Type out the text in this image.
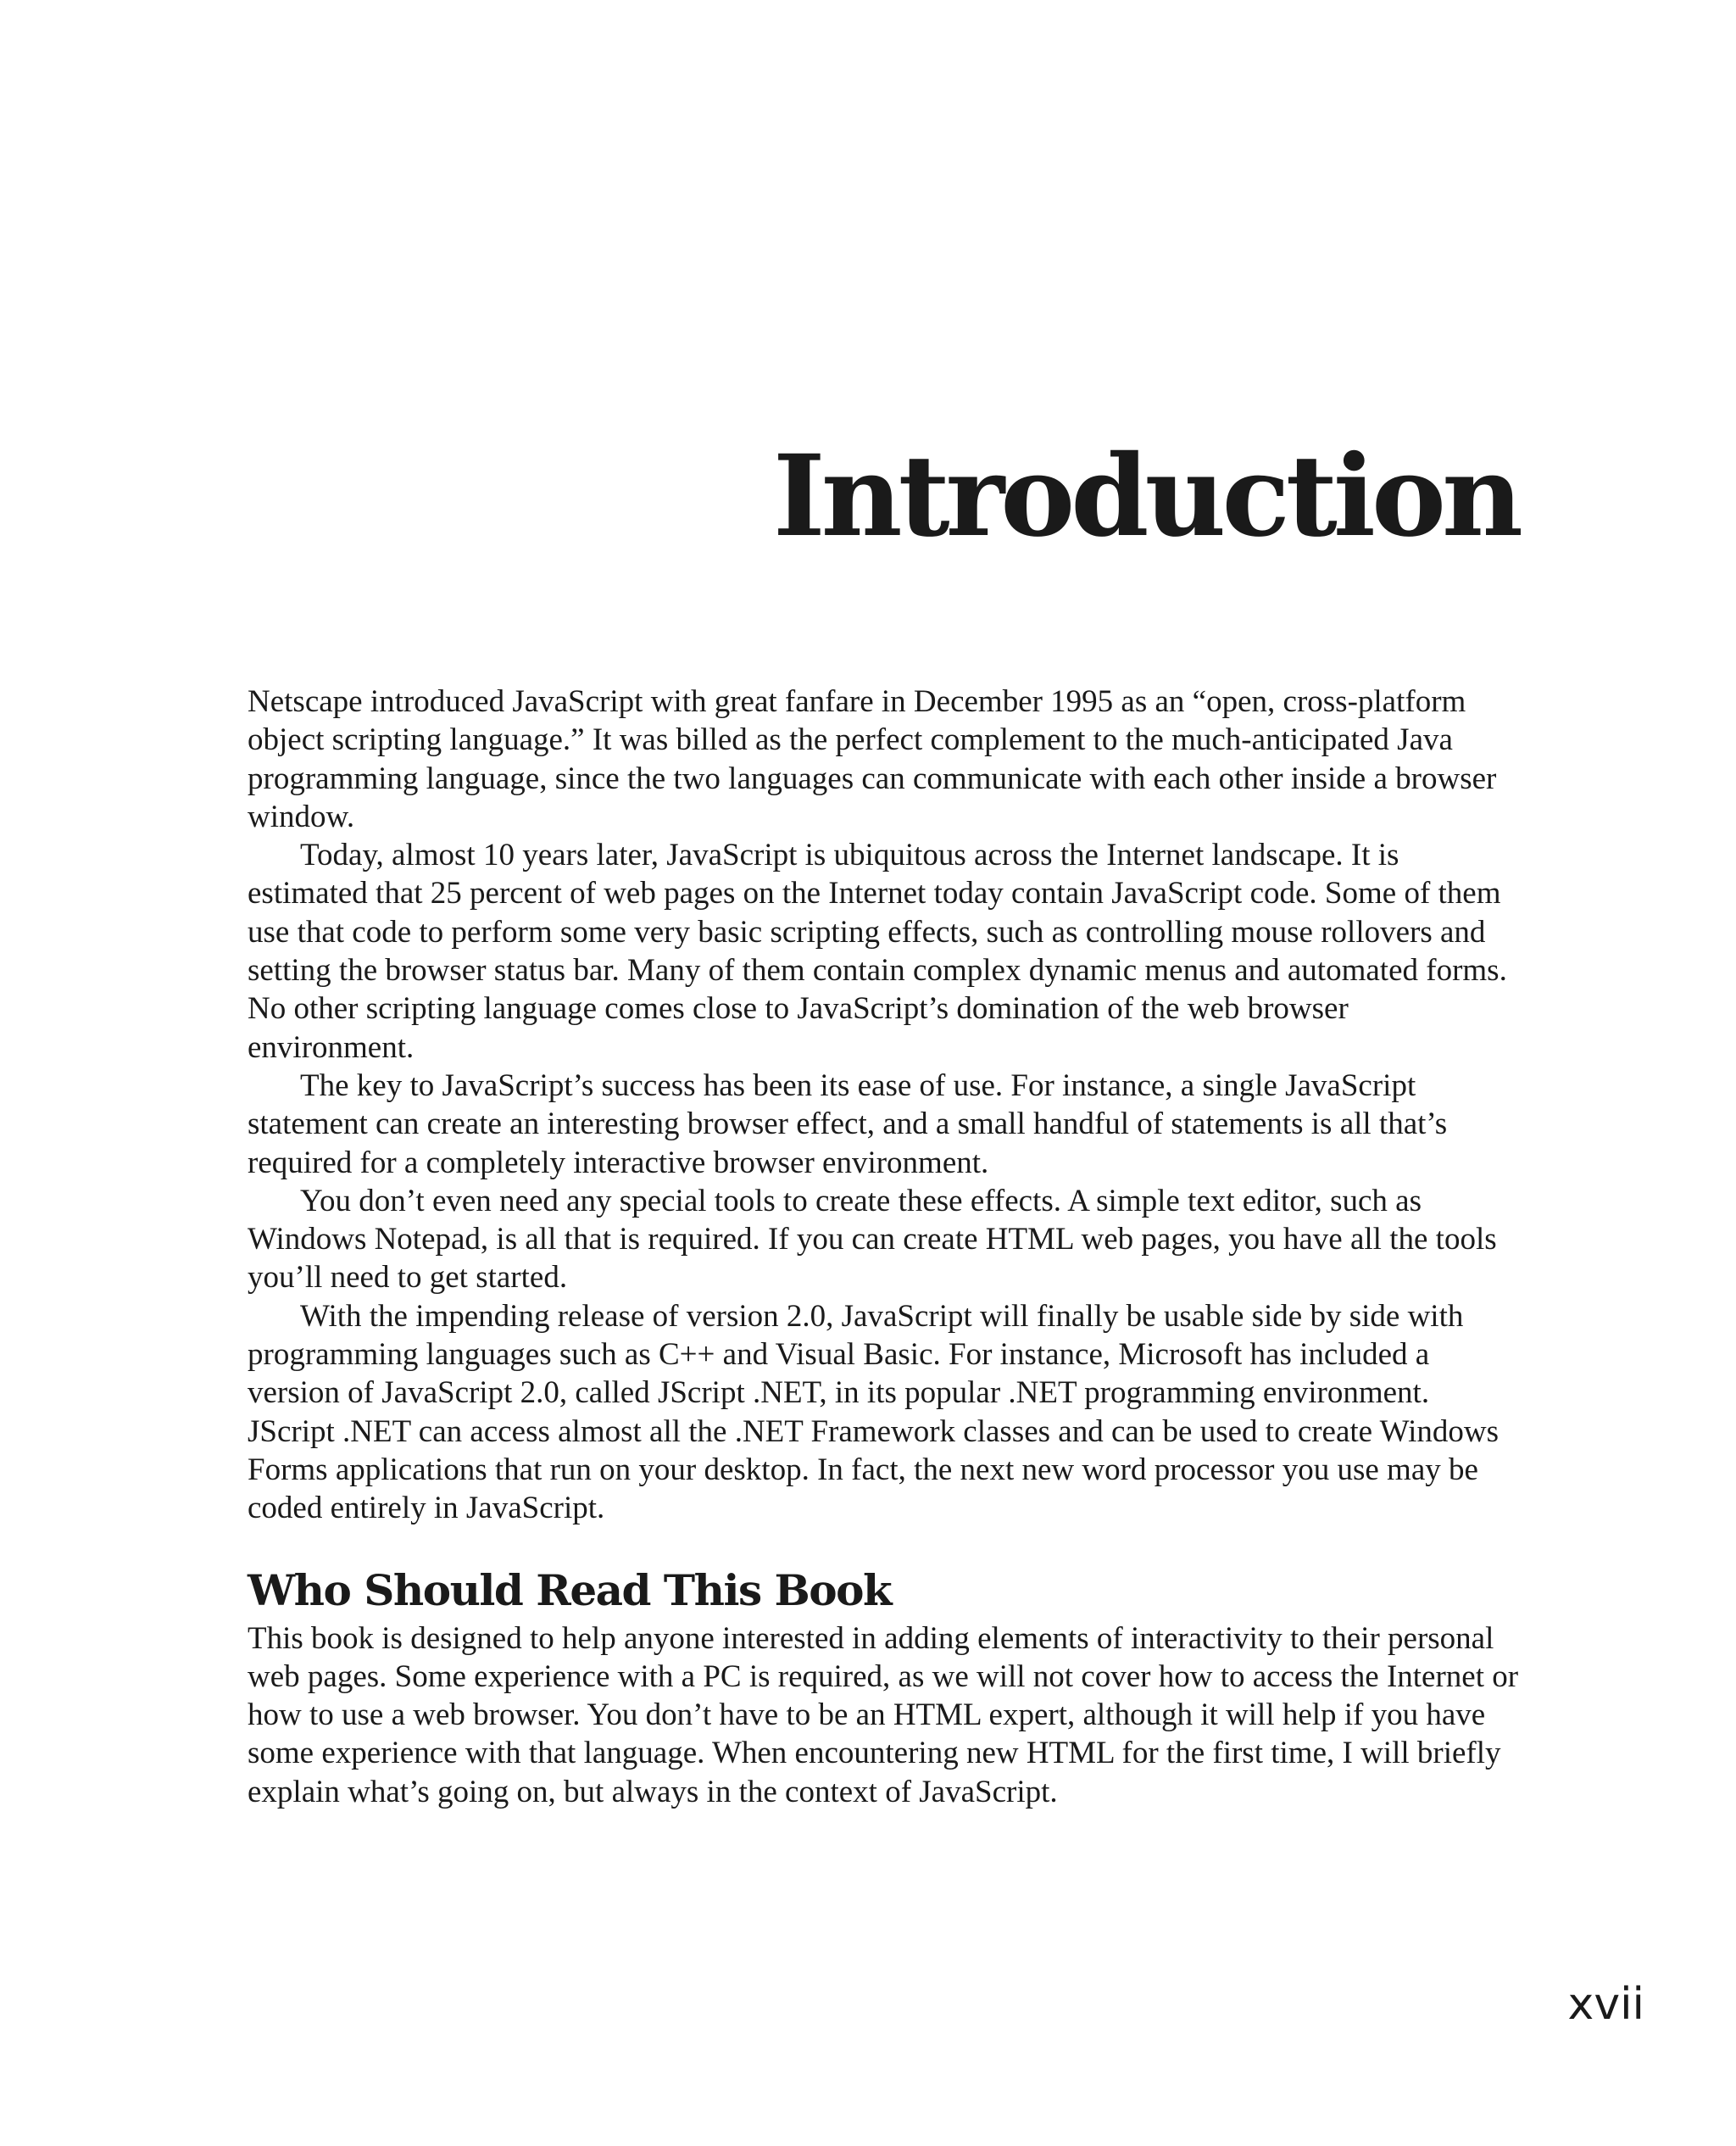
Introduction

Netscape introduced JavaScript with great fanfare in December 1995 as an “open, cross-platform object scripting language.” It was billed as the perfect complement to the much-anticipated Java programming language, since the two languages can communicate with each other inside a browser window.

Today, almost 10 years later, JavaScript is ubiquitous across the Internet landscape. It is estimated that 25 percent of web pages on the Internet today contain JavaScript code. Some of them use that code to perform some very basic scripting effects, such as controlling mouse rollovers and setting the browser status bar. Many of them contain complex dynamic menus and automated forms. No other scripting language comes close to JavaScript’s domination of the web browser environment.

The key to JavaScript’s success has been its ease of use. For instance, a single JavaScript statement can create an interesting browser effect, and a small handful of statements is all that’s required for a completely interactive browser environment.

You don’t even need any special tools to create these effects. A simple text editor, such as Windows Notepad, is all that is required. If you can create HTML web pages, you have all the tools you’ll need to get started.

With the impending release of version 2.0, JavaScript will finally be usable side by side with programming languages such as C++ and Visual Basic. For instance, Microsoft has included a version of JavaScript 2.0, called JScript .NET, in its popular .NET programming environment. JScript .NET can access almost all the .NET Framework classes and can be used to create Windows Forms applications that run on your desktop. In fact, the next new word processor you use may be coded entirely in JavaScript.

Who Should Read This Book

This book is designed to help anyone interested in adding elements of interactivity to their personal web pages. Some experience with a PC is required, as we will not cover how to access the Internet or how to use a web browser. You don’t have to be an HTML expert, although it will help if you have some experience with that language. When encountering new HTML for the first time, I will briefly explain what’s going on, but always in the context of JavaScript.

xvii
